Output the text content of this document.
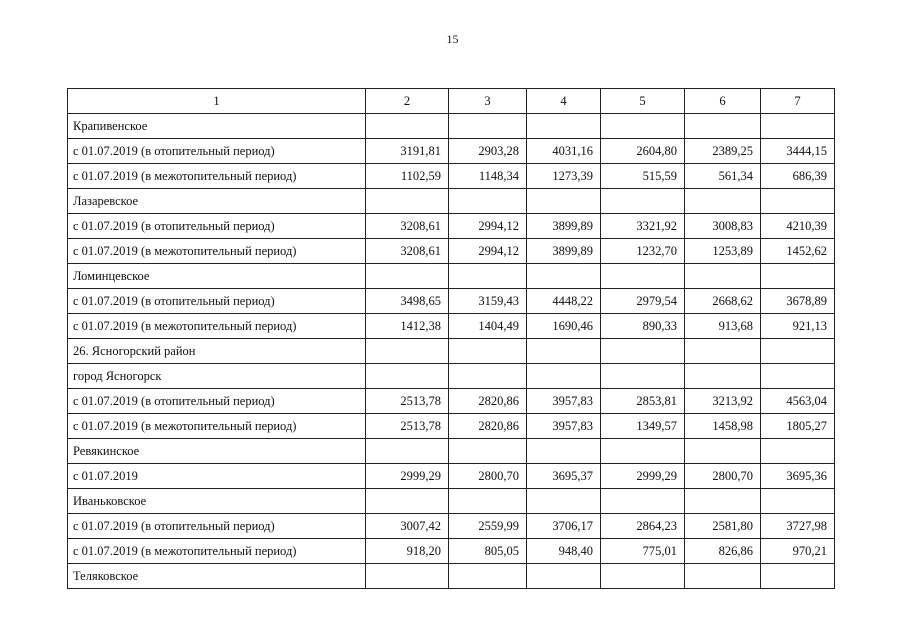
15
1	2	3	4	5	6	7
Крапивенское						
с 01.07.2019 (в отопительный период)	3191,81	2903,28	4031,16	2604,80	2389,25	3444,15
с 01.07.2019 (в межотопительный период)	1102,59	1148,34	1273,39	515,59	561,34	686,39
Лазаревское						
с 01.07.2019 (в отопительный период)	3208,61	2994,12	3899,89	3321,92	3008,83	4210,39
с 01.07.2019 (в межотопительный период)	3208,61	2994,12	3899,89	1232,70	1253,89	1452,62
Ломинцевское						
с 01.07.2019 (в отопительный период)	3498,65	3159,43	4448,22	2979,54	2668,62	3678,89
с 01.07.2019 (в межотопительный период)	1412,38	1404,49	1690,46	890,33	913,68	921,13
26. Ясногорский район						
город Ясногорск						
с 01.07.2019 (в отопительный период)	2513,78	2820,86	3957,83	2853,81	3213,92	4563,04
с 01.07.2019 (в межотопительный период)	2513,78	2820,86	3957,83	1349,57	1458,98	1805,27
Ревякинское						
с 01.07.2019	2999,29	2800,70	3695,37	2999,29	2800,70	3695,36
Иваньковское						
с 01.07.2019 (в отопительный период)	3007,42	2559,99	3706,17	2864,23	2581,80	3727,98
с 01.07.2019 (в межотопительный период)	918,20	805,05	948,40	775,01	826,86	970,21
Теляковское						
